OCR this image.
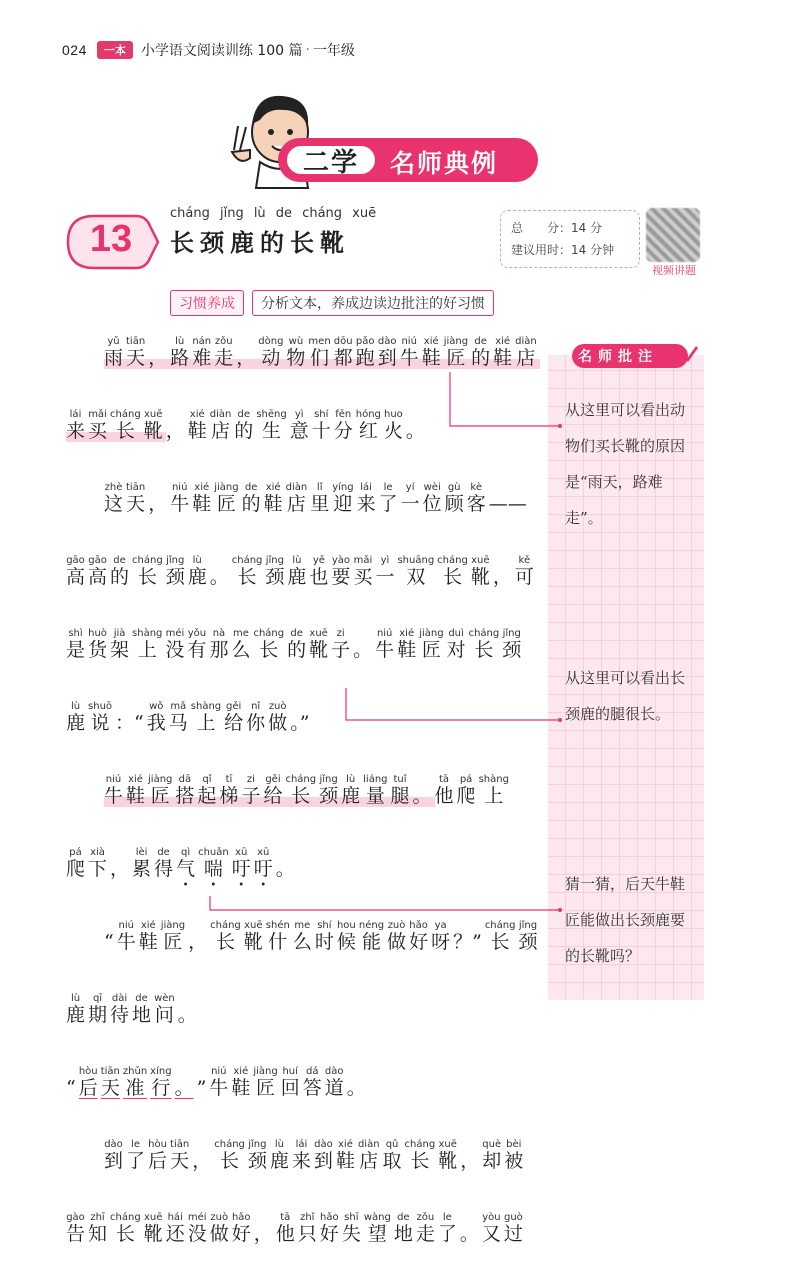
024	一本	小学语文阅读训练 100 篇 · 一年级
二学	名师典例
13
cháng jǐng lù de cháng xuē
长颈鹿的长靴	总　　分：14 分
建议用时：14 分钟
视频讲题
习惯养成	分析文本，养成边读边批注的好习惯
雨yǔ天tiān， 路lù难nán走zǒu， 动dòng物wù们men都dōu跑pǎo到dào牛niú鞋xié匠jiàng的de鞋xié店diàn
来lái买mǎi长cháng靴xuē， 鞋xié店diàn的de生shēng意yì十shí分fēn红hóng火huo。
这zhè天tiān， 牛niú鞋xié匠jiàng的de鞋xié店diàn里lǐ迎yíng来lái了le一yí位wèi顾gù客kè——
高gāo高gāo的de长cháng颈jǐng鹿lù。 长cháng颈jǐng鹿lù也yě要yào买mǎi一yì双shuāng长cháng靴xuē， 可kě
是shì货huò架jià上shàng没méi有yǒu那nà么me长cháng的de靴xuē子zi。 牛niú鞋xié匠jiàng对duì长cháng颈jǐng
鹿lù说shuō：“ 我wǒ马mǎ上shàng给gěi你nǐ做zuò。”
牛niú鞋xié匠jiàng搭dā起qǐ梯tī子zi给gěi长cháng颈jǐng鹿lù量liáng腿tuǐ。 他tā爬pá上shàng
爬pá下xià， 累lèi得de气qì喘chuǎn吁xū吁xū。
“ 牛niú鞋xié匠jiàng， 长cháng靴xuē什shén么me时shí候hou能néng做zuò好hǎo呀ya？” 长cháng颈jǐng
鹿lù期qī待dài地de问wèn。
“ 后hòu天tiān准zhǔn行xíng。 ” 牛niú鞋xié匠jiàng回huí答dá道dào。
到dào了le后hòu天tiān， 长cháng颈jǐng鹿lù来lái到dào鞋xié店diàn取qǔ长cháng靴xuē， 却què被bèi
告gào知zhī长cháng靴xuē还hái没méi做zuò好hǎo， 他tā只zhǐ好hǎo失shī望wàng地de走zǒu了le。 又yòu过guò
名师批注
从这里可以看出动物们买长靴的原因是“雨天，路难走”。
从这里可以看出长颈鹿的腿很长。
猜一猜，后天牛鞋匠能做出长颈鹿要的长靴吗？
